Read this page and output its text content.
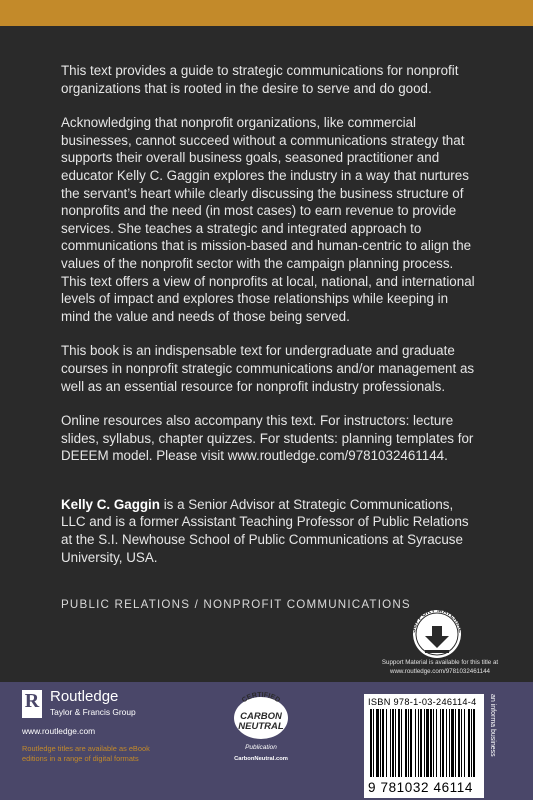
This text provides a guide to strategic communications for nonprofit organizations that is rooted in the desire to serve and do good.

Acknowledging that nonprofit organizations, like commercial businesses, cannot succeed without a communications strategy that supports their overall business goals, seasoned practitioner and educator Kelly C. Gaggin explores the industry in a way that nurtures the servant’s heart while clearly discussing the business structure of nonprofits and the need (in most cases) to earn revenue to provide services. She teaches a strategic and integrated approach to communications that is mission-based and human-centric to align the values of the nonprofit sector with the campaign planning process. This text offers a view of nonprofits at local, national, and international levels of impact and explores those relationships while keeping in mind the value and needs of those being served.

This book is an indispensable text for undergraduate and graduate courses in nonprofit strategic communications and/or management as well as an essential resource for nonprofit industry professionals.

Online resources also accompany this text. For instructors: lecture slides, syllabus, chapter quizzes. For students: planning templates for DEEEM model. Please visit www.routledge.com/9781032461144.

Kelly C. Gaggin is a Senior Advisor at Strategic Communications, LLC and is a former Assistant Teaching Professor of Public Relations at the S.I. Newhouse School of Public Communications at Syracuse University, USA.

PUBLIC RELATIONS / NONPROFIT COMMUNICATIONS
SUPPORT MATERIAL
Support Material is available for this title at www.routledge.com/9781032461144
R Routledge
Taylor & Francis Group
www.routledge.com
Routledge titles are available as eBook editions in a range of digital formats
CERTIFIED
CARBON
NEUTRAL
Publication
CarbonNeutral.com
ISBN 978-1-03-246114-4
9 781032 46114
an informa business
